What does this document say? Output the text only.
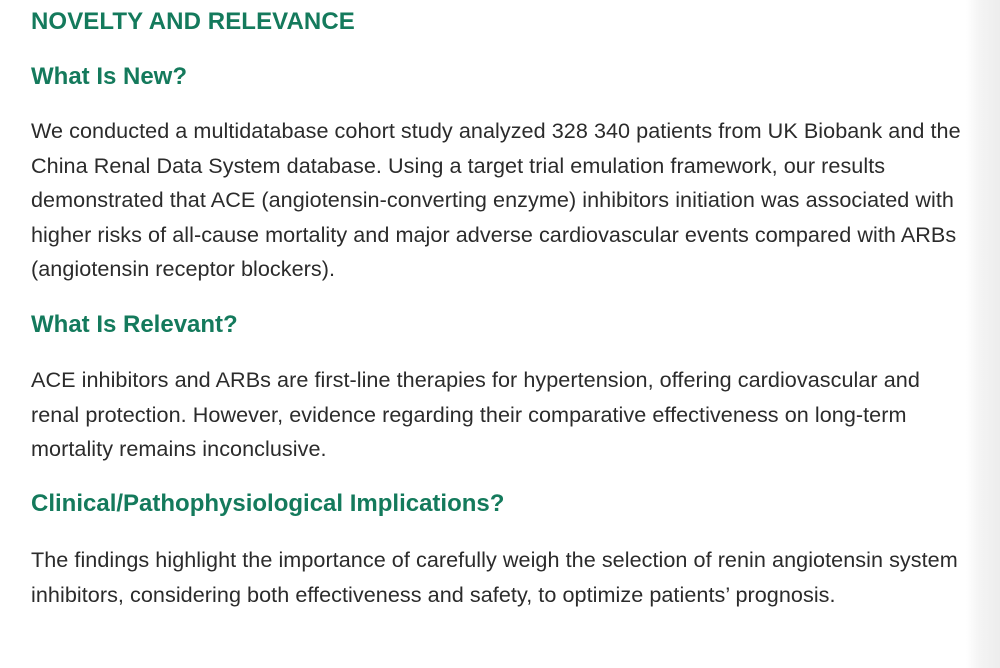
NOVELTY AND RELEVANCE
What Is New?

We conducted a multidatabase cohort study analyzed 328 340 patients from UK Biobank and the China Renal Data System database. Using a target trial emulation framework, our results demonstrated that ACE (angiotensin-converting enzyme) inhibitors initiation was associated with higher risks of all-cause mortality and major adverse cardiovascular events compared with ARBs (angiotensin receptor blockers).

What Is Relevant?

ACE inhibitors and ARBs are first-line therapies for hypertension, offering cardiovascular and renal protection. However, evidence regarding their comparative effectiveness on long-term mortality remains inconclusive.

Clinical/Pathophysiological Implications?

The findings highlight the importance of carefully weigh the selection of renin angiotensin system inhibitors, considering both effectiveness and safety, to optimize patients’ prognosis.
